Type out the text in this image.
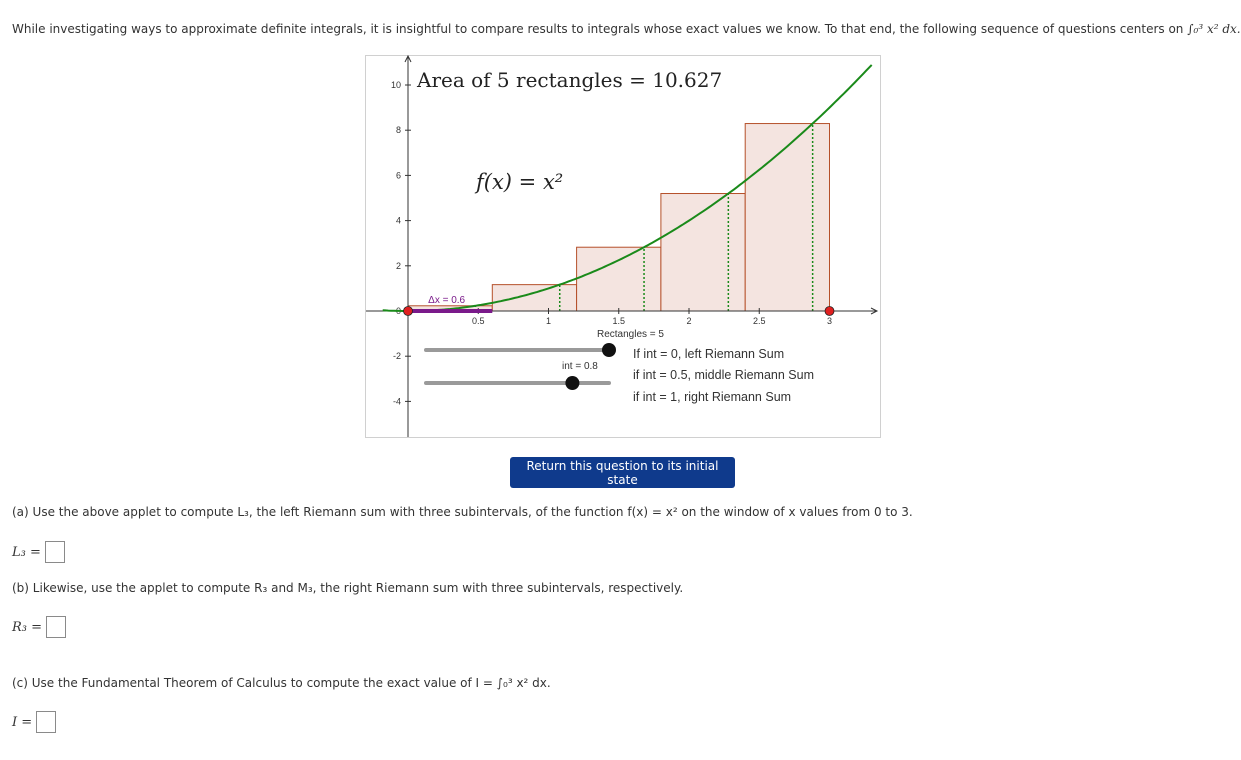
While investigating ways to approximate definite integrals, it is insightful to compare results to integrals whose exact values we know. To that end, the following sequence of questions centers on ∫₀³ x² dx.
0.5	1	1.5	2	2.5	3
10
8
6
4
2
0
-2
-4
Δx = 0.6
Area of 5 rectangles = 10.627
f(x) = x²
Rectangles = 5
int = 0.8
If int = 0, left Riemann Sum
if int = 0.5, middle Riemann Sum
if int = 1, right Riemann Sum
Return this question to its initial state
(a) Use the above applet to compute L₃, the left Riemann sum with three subintervals, of the function f(x) = x² on the window of x values from 0 to 3.
L₃ =
(b) Likewise, use the applet to compute R₃ and M₃, the right Riemann sum with three subintervals, respectively.
R₃ =
(c) Use the Fundamental Theorem of Calculus to compute the exact value of I = ∫₀³ x² dx.
I =
